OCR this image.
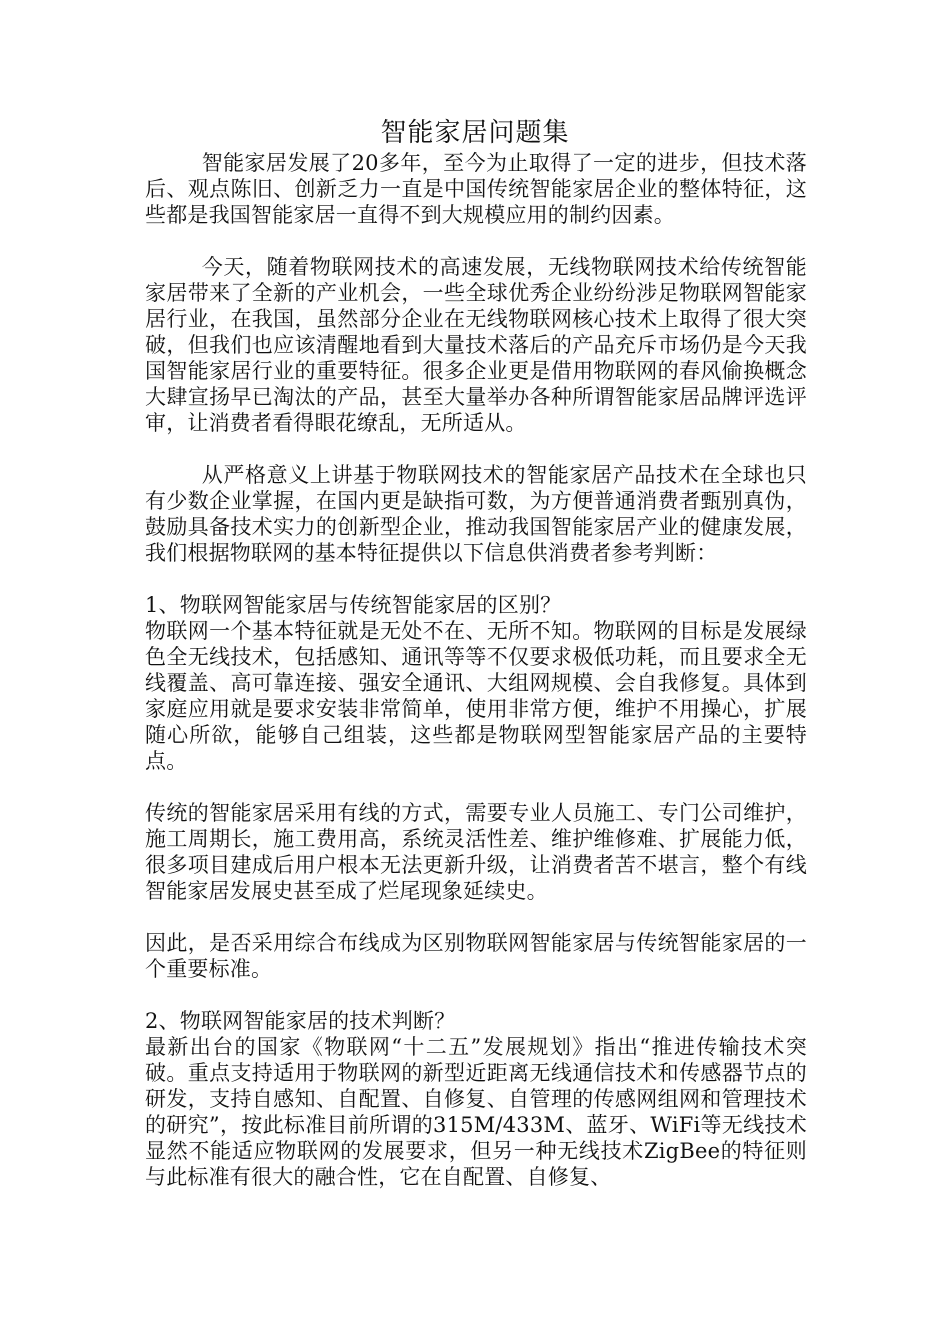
智能家居问题集

智能家居发展了20多年，至今为止取得了一定的进步，但技术落后、观点陈旧、创新乏力一直是中国传统智能家居企业的整体特征，这些都是我国智能家居一直得不到大规模应用的制约因素。

今天，随着物联网技术的高速发展，无线物联网技术给传统智能家居带来了全新的产业机会，一些全球优秀企业纷纷涉足物联网智能家居行业，在我国，虽然部分企业在无线物联网核心技术上取得了很大突破，但我们也应该清醒地看到大量技术落后的产品充斥市场仍是今天我国智能家居行业的重要特征。很多企业更是借用物联网的春风偷换概念大肆宣扬早已淘汰的产品，甚至大量举办各种所谓智能家居品牌评选评审，让消费者看得眼花缭乱，无所适从。

从严格意义上讲基于物联网技术的智能家居产品技术在全球也只有少数企业掌握，在国内更是缺指可数，为方便普通消费者甄别真伪，鼓励具备技术实力的创新型企业，推动我国智能家居产业的健康发展，我们根据物联网的基本特征提供以下信息供消费者参考判断：

1、物联网智能家居与传统智能家居的区别？

物联网一个基本特征就是无处不在、无所不知。物联网的目标是发展绿色全无线技术，包括感知、通讯等等不仅要求极低功耗，而且要求全无线覆盖、高可靠连接、强安全通讯、大组网规模、会自我修复。具体到家庭应用就是要求安装非常简单，使用非常方便，维护不用操心，扩展随心所欲，能够自己组装，这些都是物联网型智能家居产品的主要特点。

传统的智能家居采用有线的方式，需要专业人员施工、专门公司维护，施工周期长，施工费用高，系统灵活性差、维护维修难、扩展能力低，很多项目建成后用户根本无法更新升级，让消费者苦不堪言，整个有线智能家居发展史甚至成了烂尾现象延续史。

因此，是否采用综合布线成为区别物联网智能家居与传统智能家居的一个重要标准。

2、物联网智能家居的技术判断？

最新出台的国家《物联网“十二五”发展规划》指出“推进传输技术突破。重点支持适用于物联网的新型近距离无线通信技术和传感器节点的研发，支持自感知、自配置、自修复、自管理的传感网组网和管理技术的研究”，按此标准目前所谓的315M/433M、蓝牙、WiFi等无线技术显然不能适应物联网的发展要求，但另一种无线技术ZigBee的特征则与此标准有很大的融合性，它在自配置、自修复、
